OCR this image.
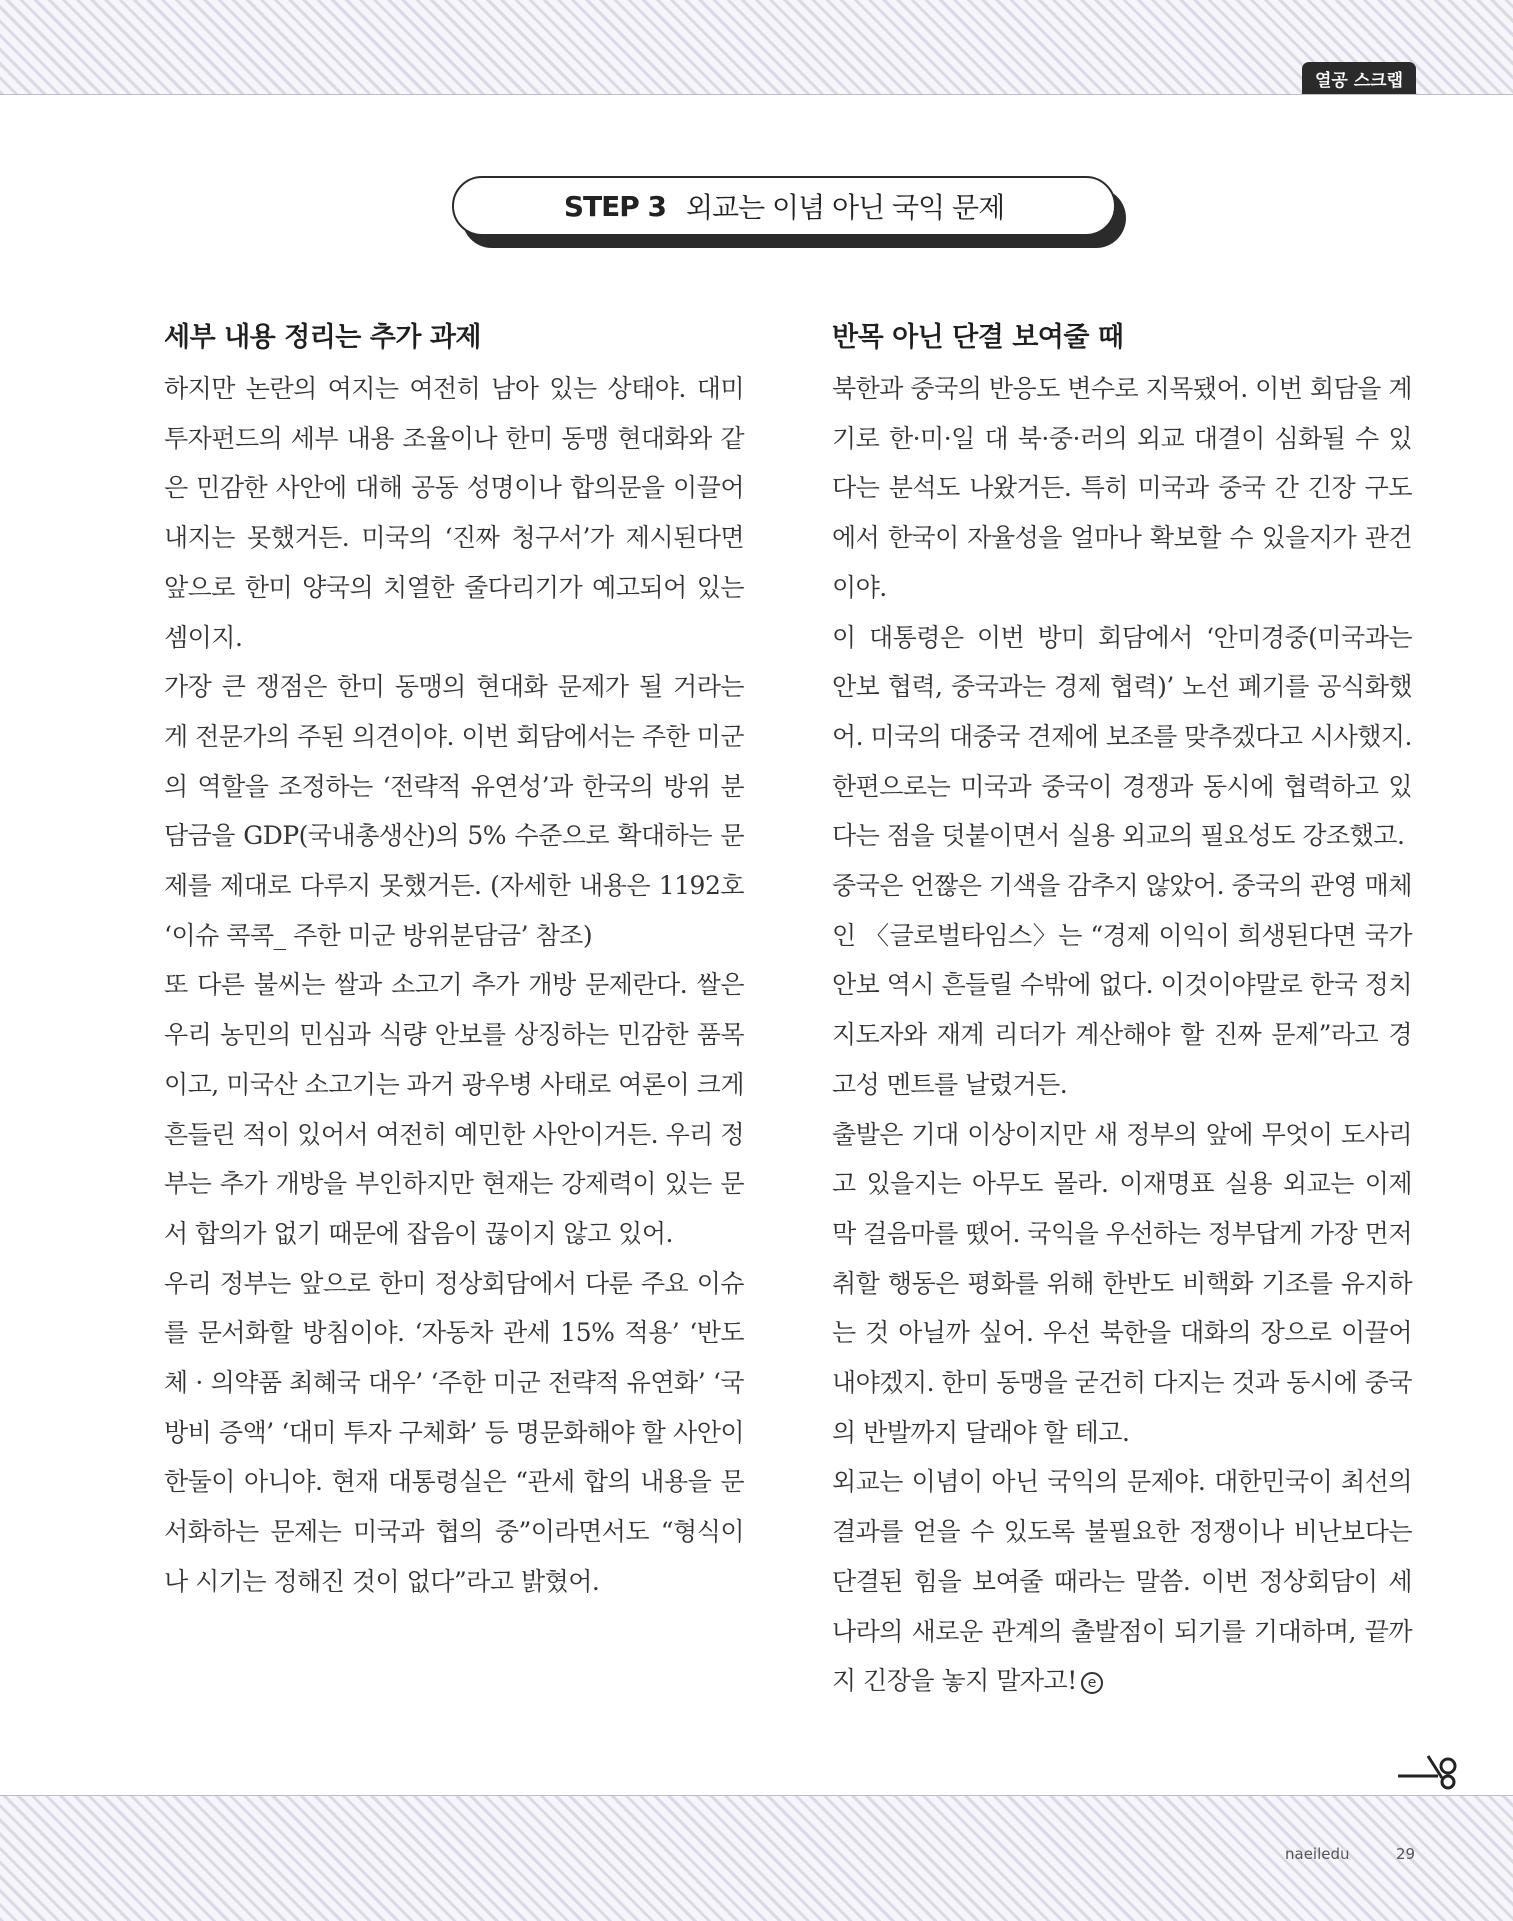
열공 스크랩
STEP 3 외교는 이념 아닌 국익 문제
세부 내용 정리는 추가 과제

하지만 논란의 여지는 여전히 남아 있는 상태야. 대미 투자펀드의 세부 내용 조율이나 한미 동맹 현대화와 같은 민감한 사안에 대해 공동 성명이나 합의문을 이끌어내지는 못했거든. 미국의 ‘진짜 청구서’가 제시된다면 앞으로 한미 양국의 치열한 줄다리기가 예고되어 있는 셈이지.

가장 큰 쟁점은 한미 동맹의 현대화 문제가 될 거라는 게 전문가의 주된 의견이야. 이번 회담에서는 주한 미군의 역할을 조정하는 ‘전략적 유연성’과 한국의 방위 분담금을 GDP(국내총생산)의 5% 수준으로 확대하는 문제를 제대로 다루지 못했거든. (자세한 내용은 1192호 ‘이슈 콕콕_ 주한 미군 방위분담금’ 참조)

또 다른 불씨는 쌀과 소고기 추가 개방 문제란다. 쌀은 우리 농민의 민심과 식량 안보를 상징하는 민감한 품목이고, 미국산 소고기는 과거 광우병 사태로 여론이 크게 흔들린 적이 있어서 여전히 예민한 사안이거든. 우리 정부는 추가 개방을 부인하지만 현재는 강제력이 있는 문서 합의가 없기 때문에 잡음이 끊이지 않고 있어.

우리 정부는 앞으로 한미 정상회담에서 다룬 주요 이슈를 문서화할 방침이야. ‘자동차 관세 15% 적용’ ‘반도체 · 의약품 최혜국 대우’ ‘주한 미군 전략적 유연화’ ‘국방비 증액’ ‘대미 투자 구체화’ 등 명문화해야 할 사안이 한둘이 아니야. 현재 대통령실은 “관세 합의 내용을 문서화하는 문제는 미국과 협의 중”이라면서도 “형식이나 시기는 정해진 것이 없다”라고 밝혔어.

반목 아닌 단결 보여줄 때

북한과 중국의 반응도 변수로 지목됐어. 이번 회담을 계기로 한·미·일 대 북·중·러의 외교 대결이 심화될 수 있다는 분석도 나왔거든. 특히 미국과 중국 간 긴장 구도에서 한국이 자율성을 얼마나 확보할 수 있을지가 관건이야.

이 대통령은 이번 방미 회담에서 ‘안미경중(미국과는 안보 협력, 중국과는 경제 협력)’ 노선 폐기를 공식화했어. 미국의 대중국 견제에 보조를 맞추겠다고 시사했지. 한편으로는 미국과 중국이 경쟁과 동시에 협력하고 있다는 점을 덧붙이면서 실용 외교의 필요성도 강조했고.

중국은 언짢은 기색을 감추지 않았어. 중국의 관영 매체인 〈글로벌타임스〉는 “경제 이익이 희생된다면 국가 안보 역시 흔들릴 수밖에 없다. 이것이야말로 한국 정치 지도자와 재계 리더가 계산해야 할 진짜 문제”라고 경고성 멘트를 날렸거든.

출발은 기대 이상이지만 새 정부의 앞에 무엇이 도사리고 있을지는 아무도 몰라. 이재명표 실용 외교는 이제 막 걸음마를 뗐어. 국익을 우선하는 정부답게 가장 먼저 취할 행동은 평화를 위해 한반도 비핵화 기조를 유지하는 것 아닐까 싶어. 우선 북한을 대화의 장으로 이끌어내야겠지. 한미 동맹을 굳건히 다지는 것과 동시에 중국의 반발까지 달래야 할 테고.

외교는 이념이 아닌 국익의 문제야. 대한민국이 최선의 결과를 얻을 수 있도록 불필요한 정쟁이나 비난보다는 단결된 힘을 보여줄 때라는 말씀. 이번 정상회담이 세 나라의 새로운 관계의 출발점이 되기를 기대하며, 끝까지 긴장을 놓지 말자고! e

naeiledu	29
